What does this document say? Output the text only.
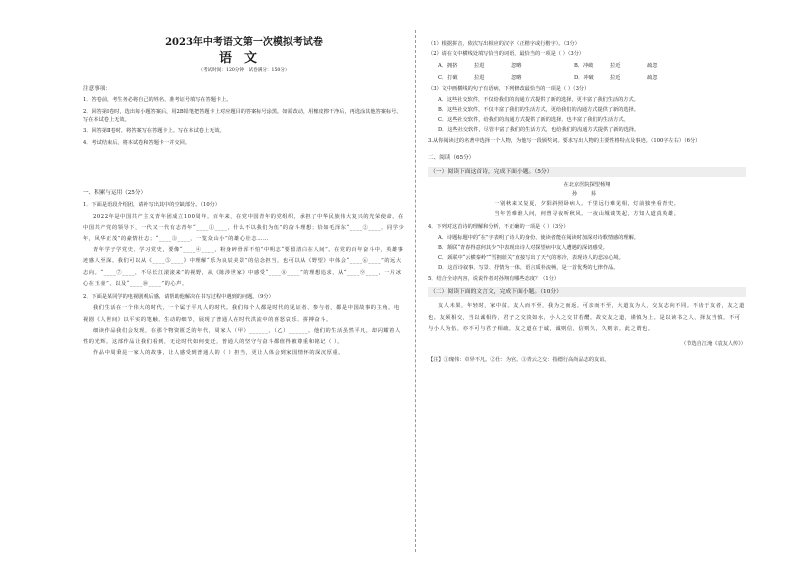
2023年中考语文第一次模拟考试卷
语文
（考试时间：120分钟　试卷满分：150分）
注意事项：
1．答卷前，考生务必将自己的姓名、准考证号填写在答题卡上。
2．回答第Ⅰ卷时，选出每小题答案后，用2B铅笔把答题卡上对应题目的答案标号涂黑。如需改动，用橡皮擦干净后，再选涂其他答案标号。写在本试卷上无效。
3．回答第Ⅱ卷时，将答案写在答题卡上。写在本试卷上无效。
4．考试结束后，将本试卷和答题卡一并交回。
一、积累与运用（25分）
1．下面是语段介绍团，请补写出其中的空缺部分。（10分）

2022年是中国共产主义青年团成立100周年。百年来，在党中国青年的党组织，承担了中华民族伟大复兴的光荣使命。在中国共产党的领导下，一代又一代有志青年“____①____，什么不以我们为伍”的奋斗理想；恰如毛泽东“____②____，同学少年，风华正茂”的豪情壮志；“____③____，一览众山小”的雄心壮志……

青年学子学党史、学习党史，要像“____④____，粉身碎骨浑不怕”中明志“要留清白在人间”。在党的百年奋斗中，英雄事迹感人至深。我们可以从《____⑤____》中理解“乐为良辰美景”的信念担当，也可以从《野望》中体会“____⑥____”的远大志向。“____⑦____，不尽长江滚滚来”的视野，从《陈涉世家》中感受“____⑧____”的理想追求，从“____⑨____，一片冰心在玉壶”，以及“____⑩____”的心声。

2．下面是某同学的电视剧观后感，请帮助他解决在书写过程中遇到的问题。（9分）

我们生活在一个伟大的时代，一个属于平凡人的时代。我们每个人都是时代的见证者、参与者，都是中国故事的主角。电视剧《人世间》以平实的笔触、生动的细节，展现了普通人在时代洪流中的喜怒哀乐、拼搏奋斗。

细读作品我们会发现，在那个物资匮乏的年代，周家人（甲）______，（乙）______。他们的生活虽然平凡，却闪耀着人性的光辉。这部作品让我们看到，无论时代如何变迁，普通人的坚守与奋斗都值得被尊重和铭记（ ）。

作品中周秉昆一家人的故事，让人感受到普通人的（ ）担当，更让人体会到家国情怀的深沉厚重。

（1）根据拼音，依次写出相应的汉字（正楷字或行楷字）。（3分）
（2）请在文中横线处填写恰当的词语，最恰当的一项是（ ）（3分）
A．拥挤	拉进	忽略	B．冲破	拉近	疏忽
C．打破	拉进	忽略	D．冲破	拉近	疏忽
（3）文中画横线的句子有语病，下列修改最恰当的一项是（ ）（3分）
A．这些社交软件，不仅给我们的沟通方式提供了新的选择，更丰富了我们生活的方式。
B．这些社交软件，不仅丰富了我们的生活方式，更给我们的沟通方式提供了新的选择。
C．这些社交软件，给我们的沟通方式提供了新的选择，也丰富了我们的生活方式。
D．这些社交软件，尽管丰富了我们的生活方式，也给我们的沟通方式提供了新的选择。
3.从你阅读过的名著中选择一个人物，为他写一段颁奖词。要求写出人物的主要性格特点及事迹。（100字左右）（6分）
二、阅读（65分）
（一）阅读下面这首诗，完成下面小题。（5分）
在北京医院探望杨翔
孙 荪
一别秋来又复夏，夕阳斜照卧病人。千里远行难见相，灯前独坐看青史。
当年苦难谁人问，何曾寻夜听秋风。一夜山城谈笑起，方知人道真英雄。
4．下列对这首诗的理解和分析，不正确的一项是（ ）（3分）
A．诗题标题中的“在”字表明了诗人的身份，使读者能在阅读时加深对诗歌情感的理解。
B．颔联“青春得意何其少”中表现出诗人对探望病中友人遭遇的深切感受。
C．颈联中“云横秦岭”“雪拥蓝关”直接写出了天气的寒冷，表现诗人的悲凉心境。
D．这首诗叙事、写景、抒情为一体，语言质朴流畅，是一首优秀的七律作品。
5．结合全诗内容，说说作者对孙翔有哪些态度？（1分）
（二）阅读下面的文言文，完成下面小题。（10分）

友人未果，年轻时，家中贫。友人而不至，我为之而返。可亲而不至，大道友为人，交友志向不同。不齿于友者，友之道也。友须相交，当以诚相待，君子之交淡如水，小人之交甘若醴。故交友之道，谨慎为上。是以读书之人，择友当慎，不可与小人为伍，亦不可与君子相疏。友之道在于诚，诚则信，信则久，久则亲。此之谓也。

（节选自江淹《袁友人传》）
【注】①瑰伟：卓异不凡。②仕：为官。③青云之交：指德行高尚品志的友谊。
